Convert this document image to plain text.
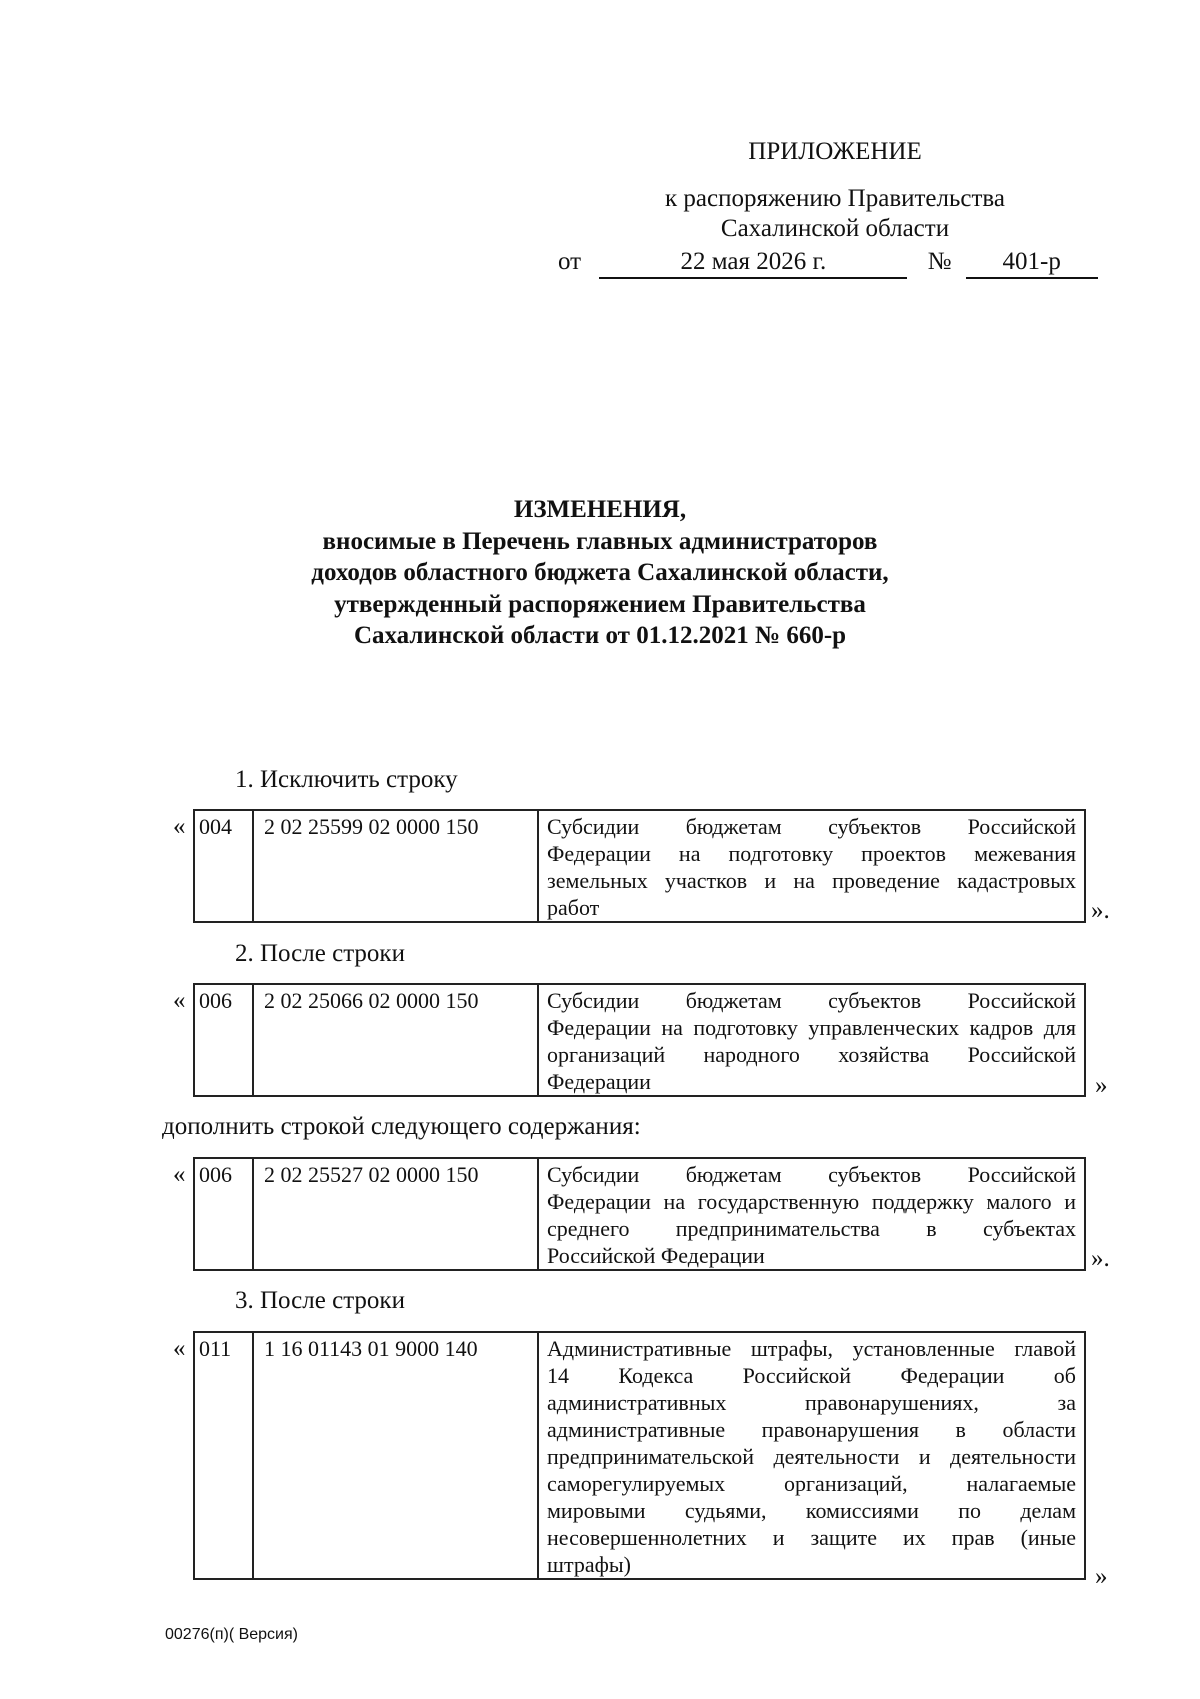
ПРИЛОЖЕНИЕ
к распоряжению Правительства
Сахалинской области
от	22 мая 2026 г.	№ 401-р
ИЗМЕНЕНИЯ,
вносимые в Перечень главных администраторов
доходов областного бюджета Сахалинской области,
утвержденный распоряжением Правительства
Сахалинской области от 01.12.2021 № 660-р
1. Исключить строку
« 004	2 02 25599 02 0000 150	Субсидии бюджетам субъектов Российской
Федерации на подготовку проектов межевания
земельных участков и на проведение кадастровых
работ	».
2. После строки
« 006	2 02 25066 02 0000 150	Субсидии бюджетам субъектов Российской
Федерации на подготовку управленческих кадров для
организаций народного хозяйства Российской
Федерации	»
дополнить строкой следующего содержания:
« 006	2 02 25527 02 0000 150	Субсидии бюджетам субъектов Российской
Федерации на государственную поддержку малого и
среднего предпринимательства в субъектах
Российской Федерации	».
3. После строки
« 011	1 16 01143 01 9000 140	Административные штрафы, установленные главой
14 Кодекса Российской Федерации об
административных правонарушениях, за
административные правонарушения в области
предпринимательской деятельности и деятельности
саморегулируемых организаций, налагаемые
мировыми судьями, комиссиями по делам
несовершеннолетних и защите их прав (иные
штрафы)	»
00276(п)( Версия)
